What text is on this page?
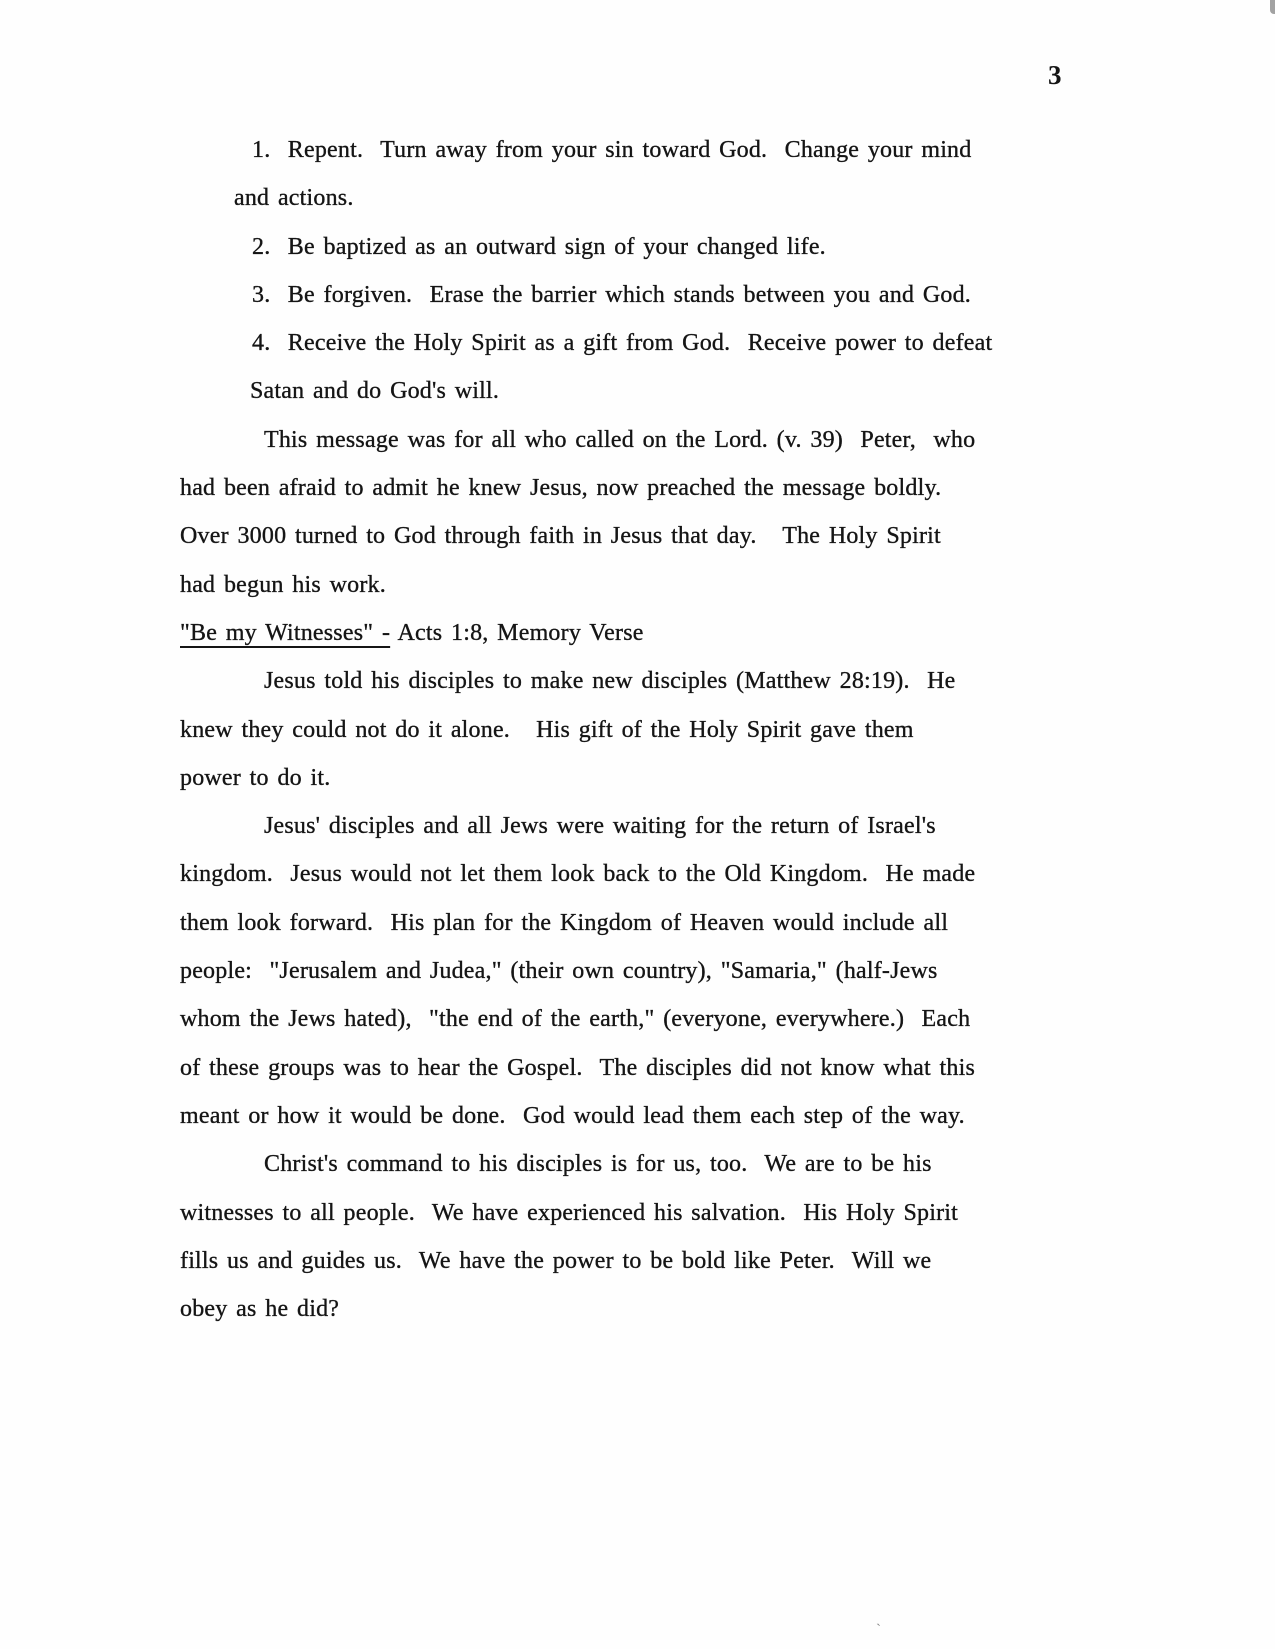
3
1.  Repent.  Turn away from your sin toward God.  Change your mind
and actions.
2.  Be baptized as an outward sign of your changed life.
3.  Be forgiven.  Erase the barrier which stands between you and God.
4.  Receive the Holy Spirit as a gift from God.  Receive power to defeat
Satan and do God's will.
This message was for all who called on the Lord. (v. 39)  Peter,  who
had been afraid to admit he knew Jesus, now preached the message boldly.
Over 3000 turned to God through faith in Jesus that day.   The Holy Spirit
had begun his work.
"Be my Witnesses" - Acts 1:8, Memory Verse
Jesus told his disciples to make new disciples (Matthew 28:19).  He
knew they could not do it alone.   His gift of the Holy Spirit gave them
power to do it.
Jesus' disciples and all Jews were waiting for the return of Israel's
kingdom.  Jesus would not let them look back to the Old Kingdom.  He made
them look forward.  His plan for the Kingdom of Heaven would include all
people:  "Jerusalem and Judea," (their own country), "Samaria," (half-Jews
whom the Jews hated),  "the end of the earth," (everyone, everywhere.)  Each
of these groups was to hear the Gospel.  The disciples did not know what this
meant or how it would be done.  God would lead them each step of the way.
Christ's command to his disciples is for us, too.  We are to be his
witnesses to all people.  We have experienced his salvation.  His Holy Spirit
fills us and guides us.  We have the power to be bold like Peter.  Will we
obey as he did?
`
